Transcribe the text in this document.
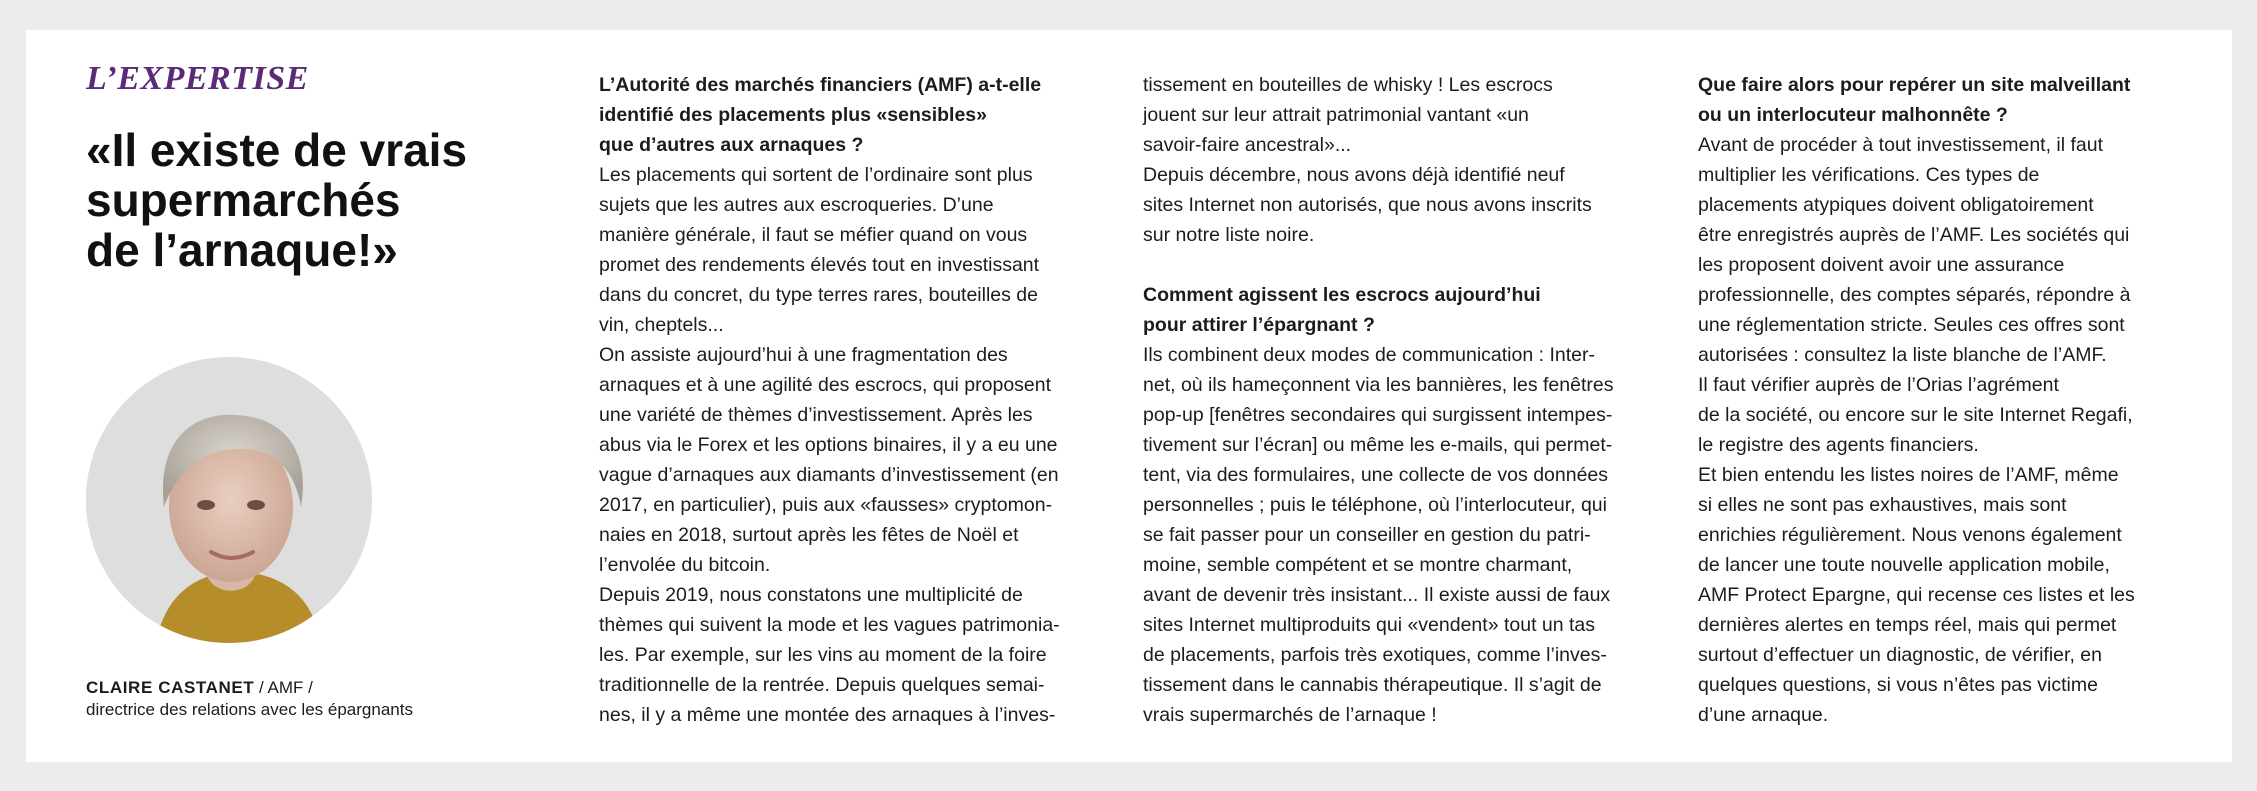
L’EXPERTISE
«Il existe de vrais
supermarchés
de l’arnaque!»
CLAIRE CASTANET / AMF /
directrice des relations avec les épargnants
L’Autorité des marchés financiers (AMF) a-t-elle
identifié des placements plus «sensibles»
que d’autres aux arnaques ?

Les placements qui sortent de l’ordinaire sont plus
sujets que les autres aux escroqueries. D’une
manière générale, il faut se méfier quand on vous
promet des rendements élevés tout en investissant
dans du concret, du type terres rares, bouteilles de
vin, cheptels...

On assiste aujourd’hui à une fragmentation des
arnaques et à une agilité des escrocs, qui proposent
une variété de thèmes d’investissement. Après les
abus via le Forex et les options binaires, il y a eu une
vague d’arnaques aux diamants d’investissement (en
2017, en particulier), puis aux «fausses» cryptomon-
naies en 2018, surtout après les fêtes de Noël et
l’envolée du bitcoin.

Depuis 2019, nous constatons une multiplicité de
thèmes qui suivent la mode et les vagues patrimonia-
les. Par exemple, sur les vins au moment de la foire
traditionnelle de la rentrée. Depuis quelques semai-
nes, il y a même une montée des arnaques à l’inves-

tissement en bouteilles de whisky ! Les escrocs
jouent sur leur attrait patrimonial vantant «un
savoir-faire ancestral»...

Depuis décembre, nous avons déjà identifié neuf
sites Internet non autorisés, que nous avons inscrits
sur notre liste noire.

Comment agissent les escrocs aujourd’hui
pour attirer l’épargnant ?

Ils combinent deux modes de communication : Inter-
net, où ils hameçonnent via les bannières, les fenêtres
pop-up [fenêtres secondaires qui surgissent intempes-
tivement sur l’écran] ou même les e-mails, qui permet-
tent, via des formulaires, une collecte de vos données
personnelles ; puis le téléphone, où l’interlocuteur, qui
se fait passer pour un conseiller en gestion du patri-
moine, semble compétent et se montre charmant,
avant de devenir très insistant... Il existe aussi de faux
sites Internet multiproduits qui «vendent» tout un tas
de placements, parfois très exotiques, comme l’inves-
tissement dans le cannabis thérapeutique. Il s’agit de
vrais supermarchés de l’arnaque !

Que faire alors pour repérer un site malveillant
ou un interlocuteur malhonnête ?

Avant de procéder à tout investissement, il faut
multiplier les vérifications. Ces types de
placements atypiques doivent obligatoirement
être enregistrés auprès de l’AMF. Les sociétés qui
les proposent doivent avoir une assurance
professionnelle, des comptes séparés, répondre à
une réglementation stricte. Seules ces offres sont
autorisées : consultez la liste blanche de l’AMF.

Il faut vérifier auprès de l’Orias l’agrément
de la société, ou encore sur le site Internet Regafi,
le registre des agents financiers.

Et bien entendu les listes noires de l’AMF, même
si elles ne sont pas exhaustives, mais sont
enrichies régulièrement. Nous venons également
de lancer une toute nouvelle application mobile,
AMF Protect Epargne, qui recense ces listes et les
dernières alertes en temps réel, mais qui permet
surtout d’effectuer un diagnostic, de vérifier, en
quelques questions, si vous n’êtes pas victime
d’une arnaque.
